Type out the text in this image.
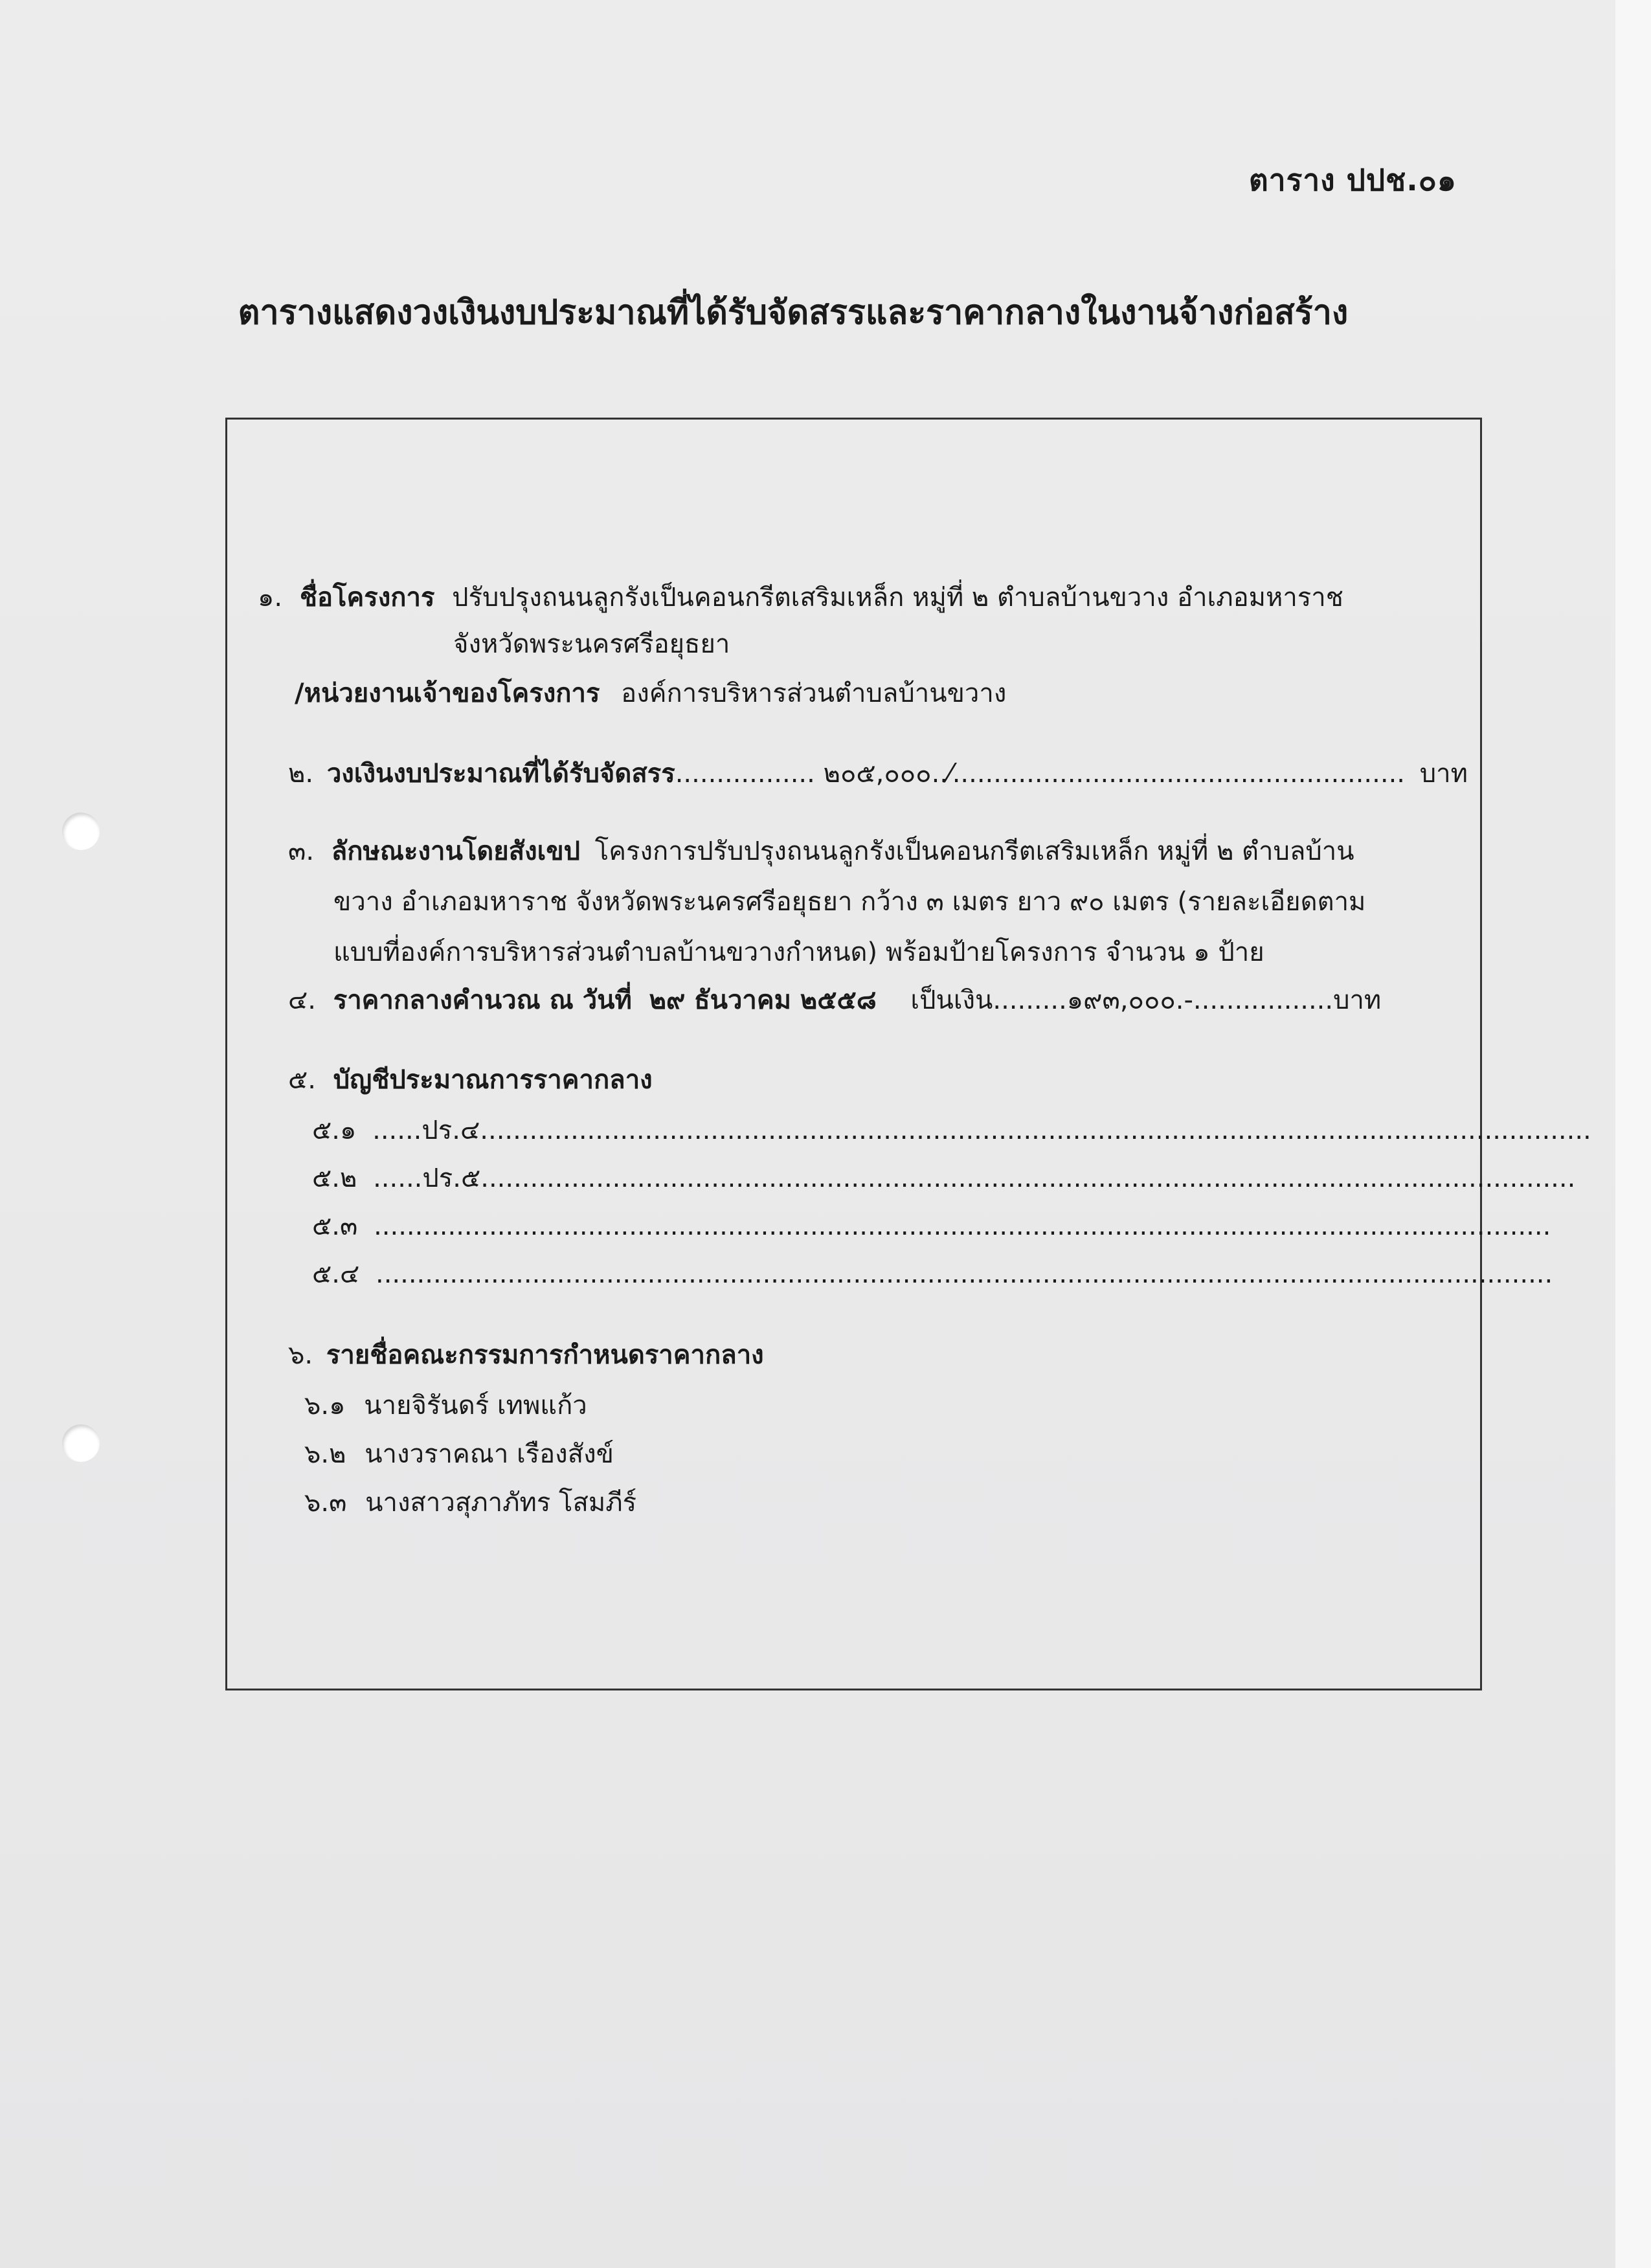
ตาราง ปปช.๐๑
ตารางแสดงวงเงินงบประมาณที่ได้รับจัดสรรและราคากลางในงานจ้างก่อสร้าง
๑. ชื่อโครงการ ปรับปรุงถนนลูกรังเป็นคอนกรีตเสริมเหล็ก หมู่ที่ ๒ ตำบลบ้านขวาง อำเภอมหาราช
จังหวัดพระนครศรีอยุธยา
/หน่วยงานเจ้าของโครงการ องค์การบริหารส่วนตำบลบ้านขวาง
๒. วงเงินงบประมาณที่ได้รับจัดสรร................. ๒๐๕,๐๐๐..⁄....................................................... บาท
๓. ลักษณะงานโดยสังเขป โครงการปรับปรุงถนนลูกรังเป็นคอนกรีตเสริมเหล็ก หมู่ที่ ๒ ตำบลบ้าน
ขวาง อำเภอมหาราช จังหวัดพระนครศรีอยุธยา กว้าง ๓ เมตร ยาว ๙๐ เมตร (รายละเอียดตาม
แบบที่องค์การบริหารส่วนตำบลบ้านขวางกำหนด) พร้อมป้ายโครงการ จำนวน ๑ ป้าย
๔. ราคากลางคำนวณ ณ วันที่ ๒๙ ธันวาคม ๒๕๕๘ เป็นเงิน.........๑๙๓,๐๐๐.-.................บาท
๕. บัญชีประมาณการราคากลาง
๕.๑ ......ปร.๔.......................................................................................................................................
๕.๒ ......ปร.๕.....................................................................................................................................
๕.๓ ...............................................................................................................................................
๕.๔ ...............................................................................................................................................
๖. รายชื่อคณะกรรมการกำหนดราคากลาง
๖.๑ นายจิรันดร์ เทพแก้ว
๖.๒ นางวราคณา เรืองสังข์
๖.๓ นางสาวสุภาภัทร โสมภีร์
